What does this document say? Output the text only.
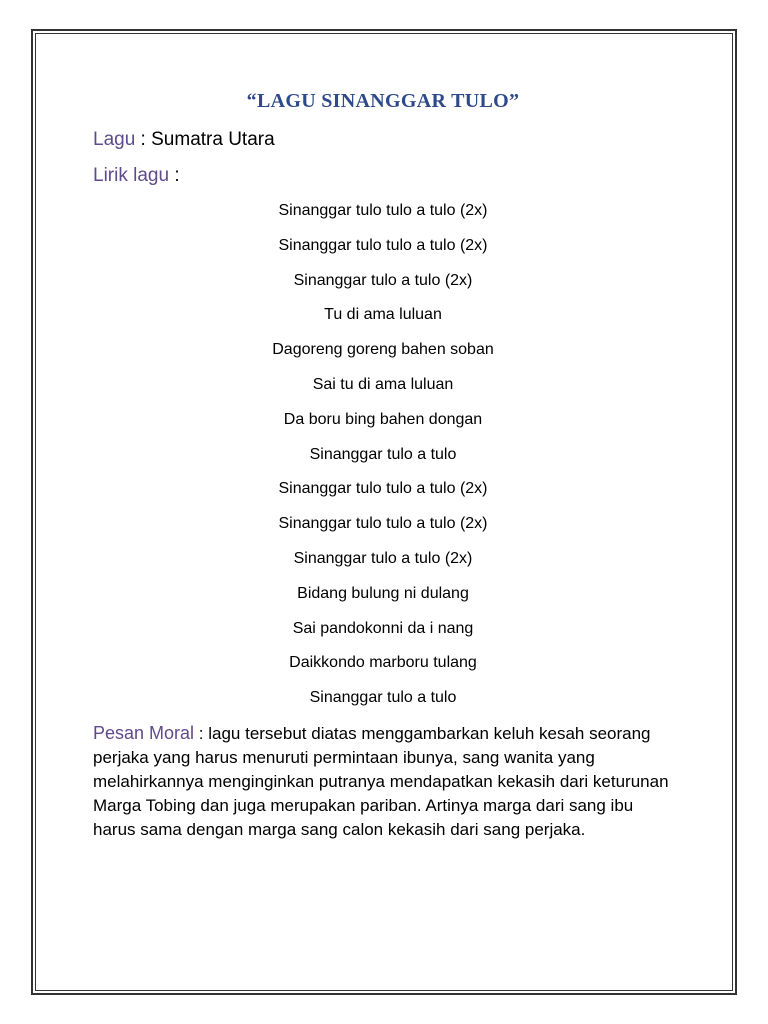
“LAGU SINANGGAR TULO”
Lagu : Sumatra Utara
Lirik lagu :
Sinanggar tulo tulo a tulo (2x)
Sinanggar tulo tulo a tulo (2x)
Sinanggar tulo a tulo (2x)
Tu di ama luluan
Dagoreng goreng bahen soban
Sai tu di ama luluan
Da boru bing bahen dongan
Sinanggar tulo a tulo
Sinanggar tulo tulo a tulo (2x)
Sinanggar tulo tulo a tulo (2x)
Sinanggar tulo a tulo (2x)
Bidang bulung ni dulang
Sai pandokonni da i nang
Daikkondo marboru tulang
Sinanggar tulo a tulo

Pesan Moral : lagu tersebut diatas menggambarkan keluh kesah seorang perjaka yang harus menuruti permintaan ibunya, sang wanita yang melahirkannya menginginkan putranya mendapatkan kekasih dari keturunan Marga Tobing dan juga merupakan pariban. Artinya marga dari sang ibu harus sama dengan marga sang calon kekasih dari sang perjaka.
